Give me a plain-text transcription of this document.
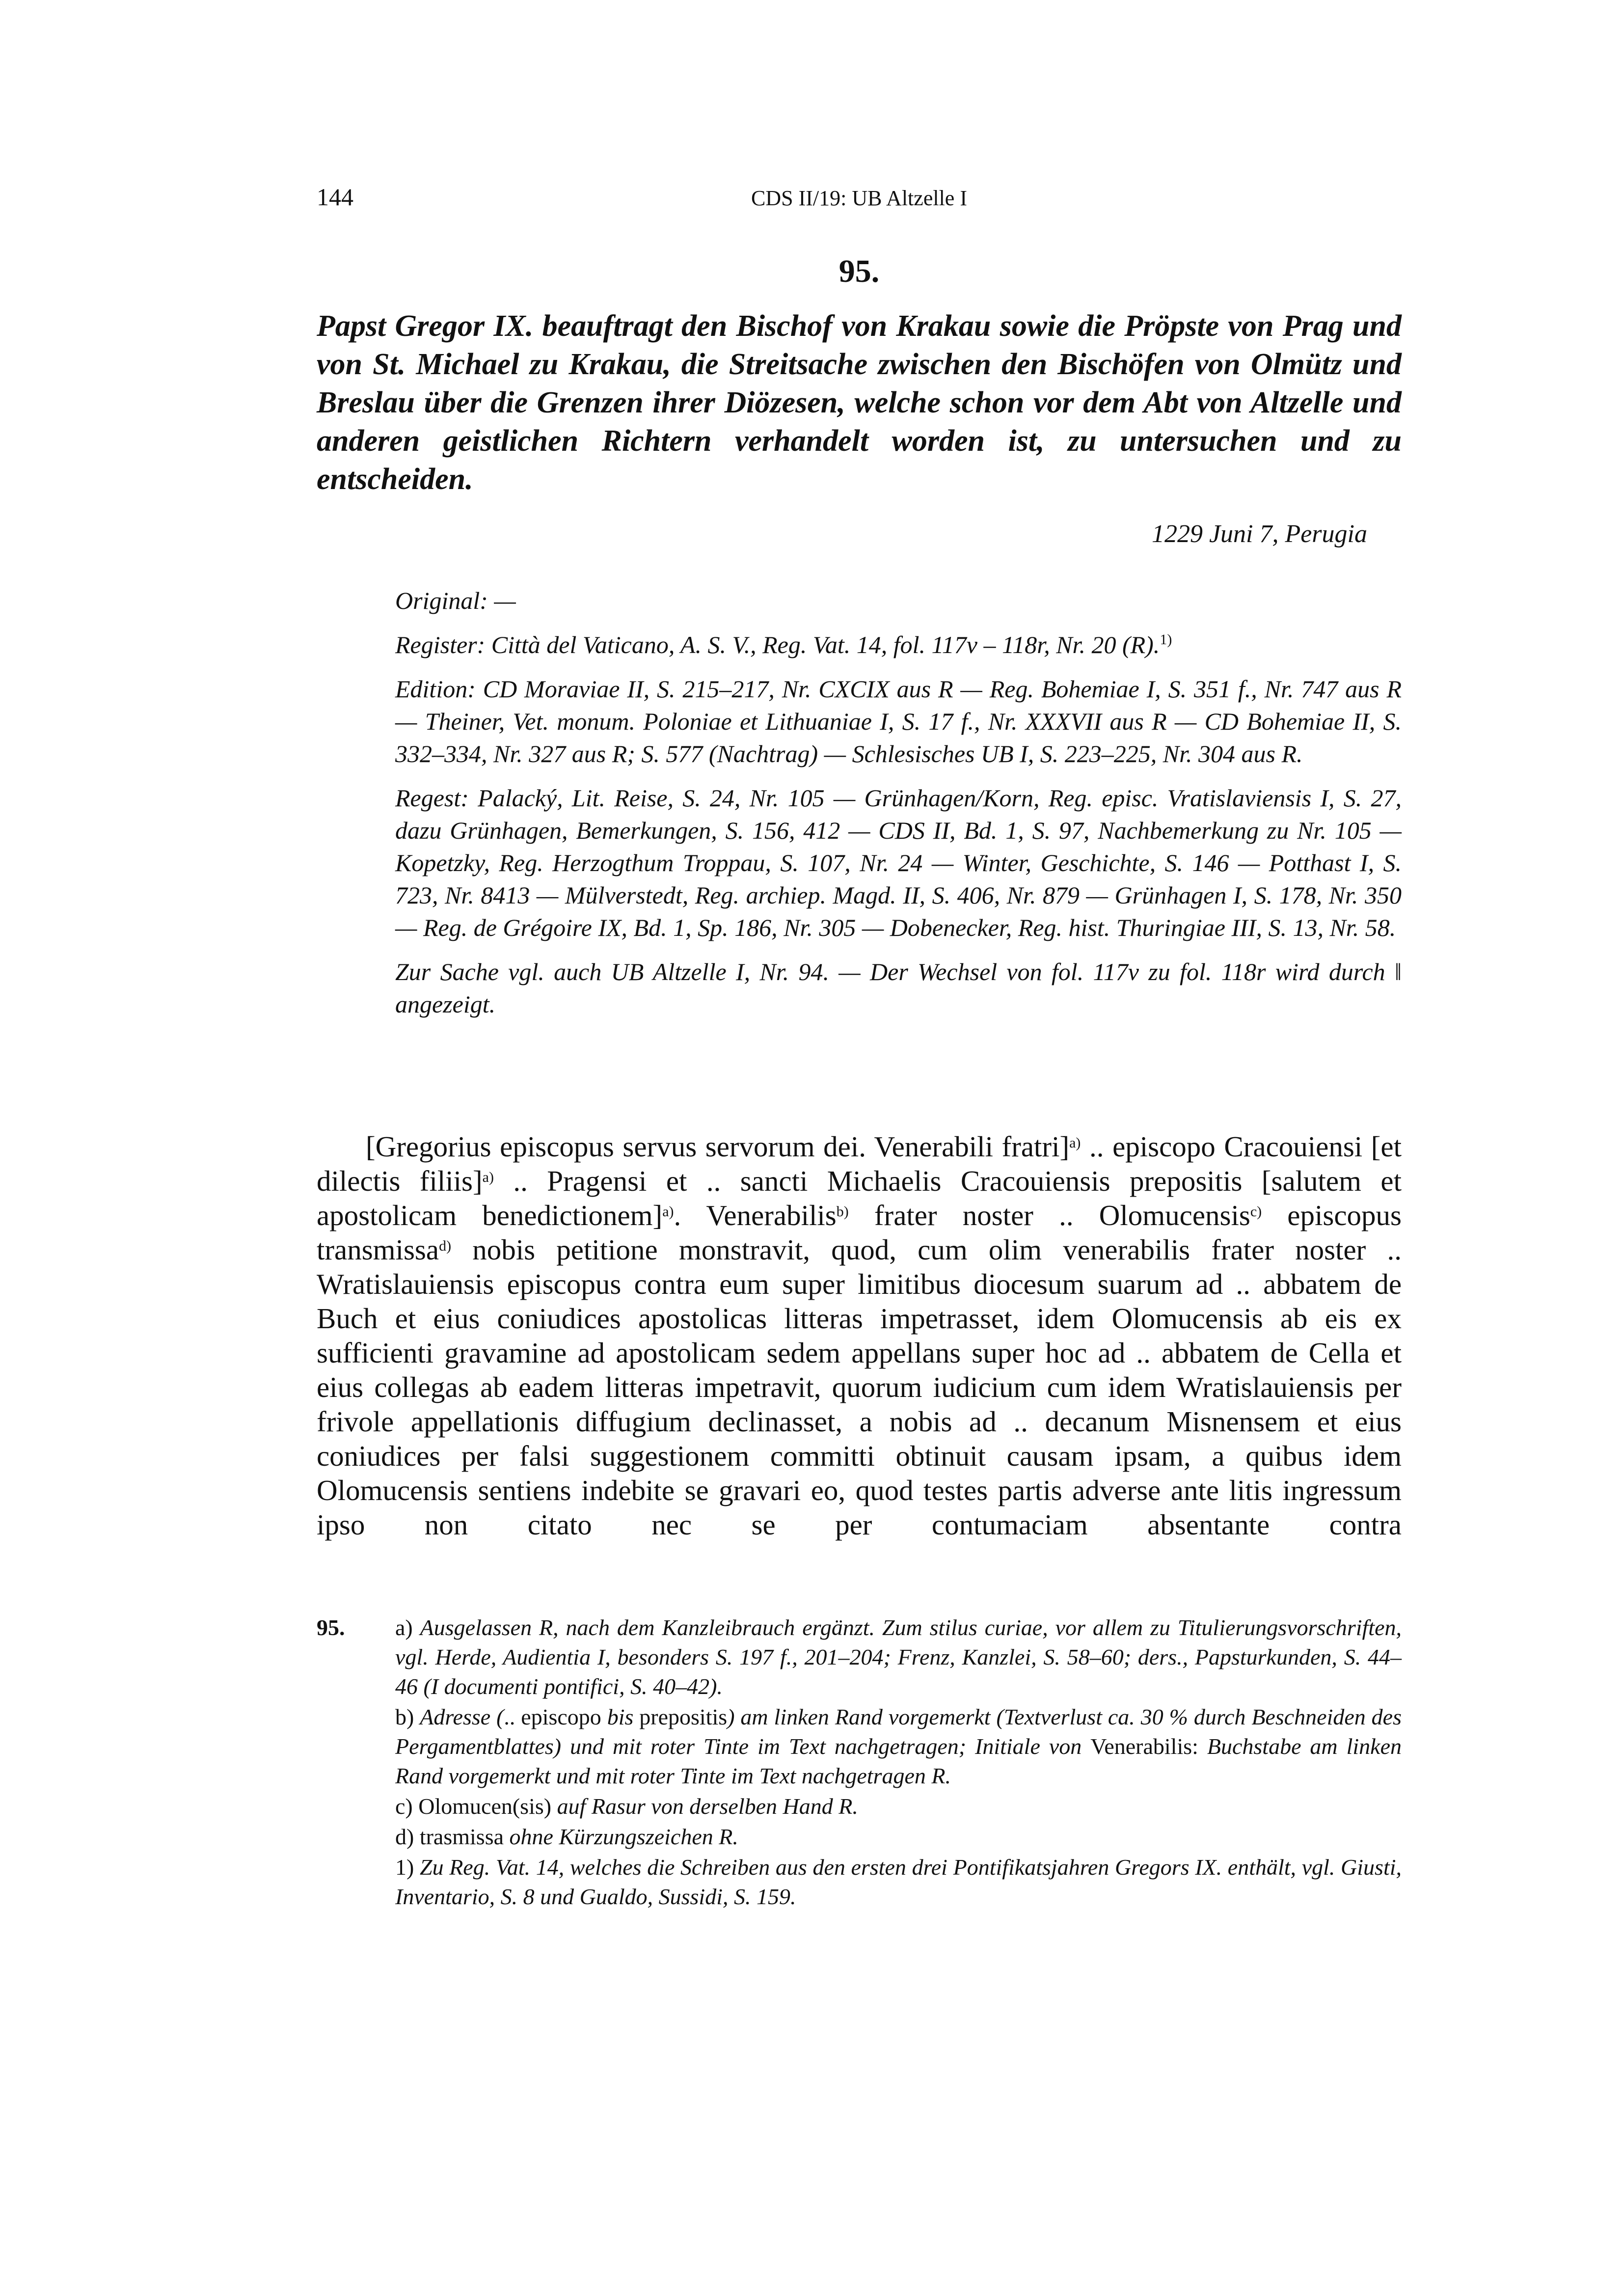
144	CDS II/19: UB Altzelle I
95.
Papst Gregor IX. beauftragt den Bischof von Krakau sowie die Pröpste von Prag und von St. Michael zu Krakau, die Streitsache zwischen den Bischöfen von Olmütz und Breslau über die Grenzen ihrer Diözesen, welche schon vor dem Abt von Altzelle und anderen geistlichen Richtern verhandelt worden ist, zu untersuchen und zu entscheiden.
1229 Juni 7, Perugia

Original: —

Register: Città del Vaticano, A. S. V., Reg. Vat. 14, fol. 117v – 118r, Nr. 20 (R).$^{1)}$

Edition: CD Moraviae II, S. 215–217, Nr. CXCIX aus R — Reg. Bohemiae I, S. 351 f., Nr. 747 aus R — Theiner, Vet. monum. Poloniae et Lithuaniae I, S. 17 f., Nr. XXXVII aus R — CD Bohemiae II, S. 332–334, Nr. 327 aus R; S. 577 (Nachtrag) — Schlesisches UB I, S. 223–225, Nr. 304 aus R.

Regest: Palacký, Lit. Reise, S. 24, Nr. 105 — Grünhagen/Korn, Reg. episc. Vratislaviensis I, S. 27, dazu Grünhagen, Bemerkungen, S. 156, 412 — CDS II, Bd. 1, S. 97, Nachbemerkung zu Nr. 105 — Kopetzky, Reg. Herzogthum Troppau, S. 107, Nr. 24 — Winter, Geschichte, S. 146 — Potthast I, S. 723, Nr. 8413 — Mülverstedt, Reg. archiep. Magd. II, S. 406, Nr. 879 — Grünhagen I, S. 178, Nr. 350 — Reg. de Grégoire IX, Bd. 1, Sp. 186, Nr. 305 — Dobenecker, Reg. hist. Thuringiae III, S. 13, Nr. 58.

Zur Sache vgl. auch UB Altzelle I, Nr. 94. — Der Wechsel von fol. 117v zu fol. 118r wird durch ‖ angezeigt.

[Gregorius episcopus servus servorum dei. Venerabili fratri]$^{a)}$ .. episcopo Cracouiensi [et dilectis filiis]$^{a)}$ .. Pragensi et .. sancti Michaelis Cracouiensis prepositis [salutem et apostolicam benedictionem]$^{a)}$. Venerabilis$^{b)}$ frater noster .. Olomucensis$^{c)}$ episcopus transmissa$^{d)}$ nobis petitione monstravit, quod, cum olim venerabilis frater noster .. Wratislauiensis episcopus contra eum super limitibus diocesum suarum ad .. abbatem de Buch et eius coniudices apostolicas litteras impetrasset, idem Olomucensis ab eis ex sufficienti gravamine ad apostolicam sedem appellans super hoc ad .. abbatem de Cella et eius collegas ab eadem litteras impetravit, quorum iudicium cum idem Wratislauiensis per frivole appellationis diffugium declinasset, a nobis ad .. decanum Misnensem et eius coniudices per falsi suggestionem committi obtinuit causam ipsam, a quibus idem Olomucensis sentiens indebite se gravari eo, quod testes partis adverse ante litis ingressum ipso non citato nec se per contumaciam absentante contra

95.	a) Ausgelassen R, nach dem Kanzleibrauch ergänzt. Zum stilus curiae, vor allem zu Titulierungsvorschriften, vgl. Herde, Audientia I, besonders S. 197 f., 201–204; Frenz, Kanzlei, S. 58–60; ders., Papsturkunden, S. 44–46 (I documenti pontifici, S. 40–42).
b) Adresse (.. episcopo bis prepositis) am linken Rand vorgemerkt (Textverlust ca. 30 % durch Beschneiden des Pergamentblattes) und mit roter Tinte im Text nachgetragen; Initiale von Venerabilis: Buchstabe am linken Rand vorgemerkt und mit roter Tinte im Text nachgetragen R.
c) Olomucen(sis) auf Rasur von derselben Hand R.
d) trasmissa ohne Kürzungszeichen R.
1) Zu Reg. Vat. 14, welches die Schreiben aus den ersten drei Pontifikatsjahren Gregors IX. enthält, vgl. Giusti, Inventario, S. 8 und Gualdo, Sussidi, S. 159.
